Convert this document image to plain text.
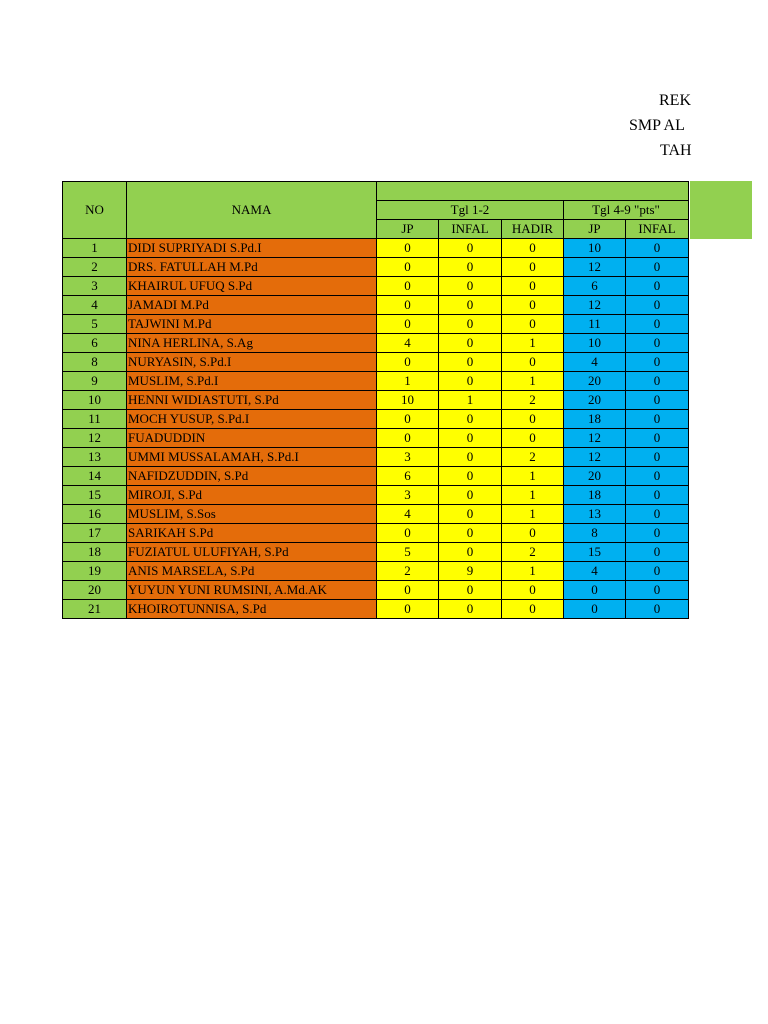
REK
SMP AL
TAH
NO	NAMA					
		Tgl 1-2			Tgl 4-9 "pts"	
		JP	INFAL	HADIR	JP	INFAL
1	DIDI SUPRIYADI S.Pd.I	0	0	0	10	0
2	DRS. FATULLAH M.Pd	0	0	0	12	0
3	KHAIRUL UFUQ S.Pd	0	0	0	6	0
4	JAMADI M.Pd	0	0	0	12	0
5	TAJWINI M.Pd	0	0	0	11	0
6	NINA HERLINA, S.Ag	4	0	1	10	0
8	NURYASIN, S.Pd.I	0	0	0	4	0
9	MUSLIM, S.Pd.I	1	0	1	20	0
10	HENNI WIDIASTUTI, S.Pd	10	1	2	20	0
11	MOCH YUSUP, S.Pd.I	0	0	0	18	0
12	FUADUDDIN	0	0	0	12	0
13	UMMI MUSSALAMAH, S.Pd.I	3	0	2	12	0
14	NAFIDZUDDIN, S.Pd	6	0	1	20	0
15	MIROJI, S.Pd	3	0	1	18	0
16	MUSLIM, S.Sos	4	0	1	13	0
17	SARIKAH S.Pd	0	0	0	8	0
18	FUZIATUL ULUFIYAH, S.Pd	5	0	2	15	0
19	ANIS MARSELA, S.Pd	2	9	1	4	0
20	YUYUN YUNI RUMSINI, A.Md.AK	0	0	0	0	0
21	KHOIROTUNNISA, S.Pd	0	0	0	0	0
